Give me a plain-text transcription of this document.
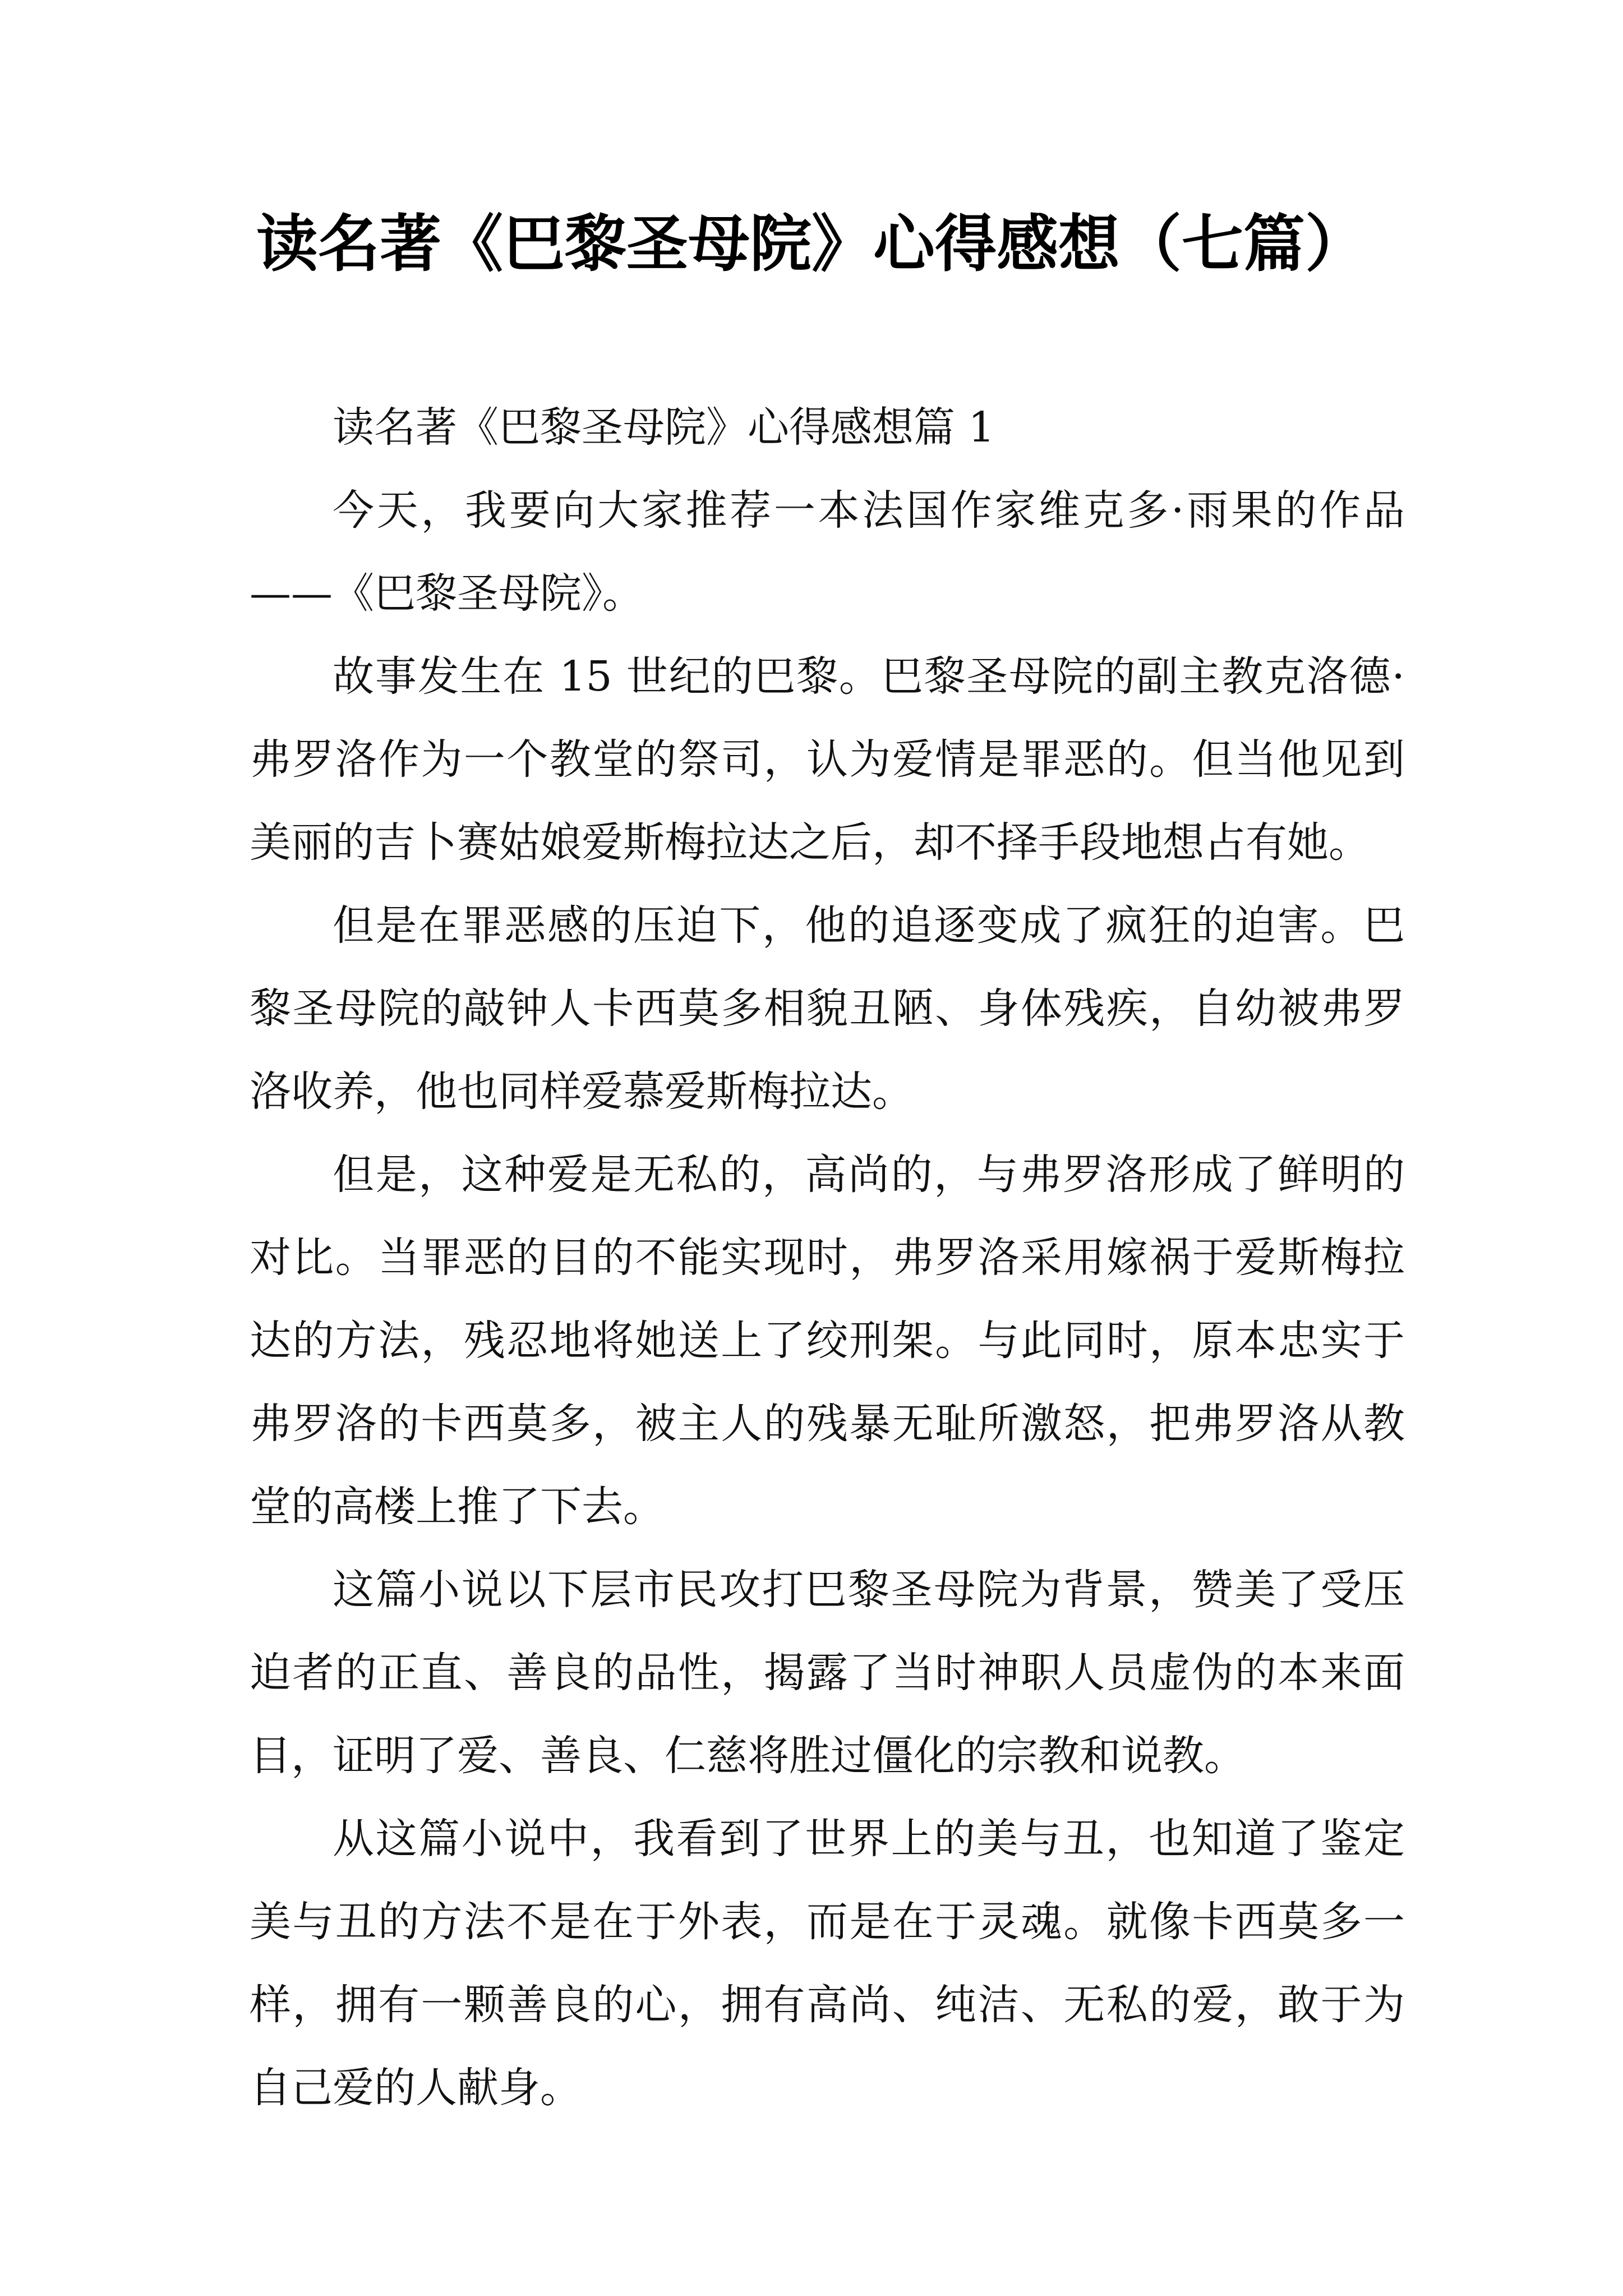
读名著《巴黎圣母院》心得感想（七篇）

读名著《巴黎圣母院》心得感想篇 1

今天，我要向大家推荐一本法国作家维克多·雨果的作品——《巴黎圣母院》。

故事发生在 15 世纪的巴黎。巴黎圣母院的副主教克洛德·弗罗洛作为一个教堂的祭司，认为爱情是罪恶的。但当他见到美丽的吉卜赛姑娘爱斯梅拉达之后，却不择手段地想占有她。

但是在罪恶感的压迫下，他的追逐变成了疯狂的迫害。巴黎圣母院的敲钟人卡西莫多相貌丑陋、身体残疾，自幼被弗罗洛收养，他也同样爱慕爱斯梅拉达。

但是，这种爱是无私的，高尚的，与弗罗洛形成了鲜明的对比。当罪恶的目的不能实现时，弗罗洛采用嫁祸于爱斯梅拉达的方法，残忍地将她送上了绞刑架。与此同时，原本忠实于弗罗洛的卡西莫多，被主人的残暴无耻所激怒，把弗罗洛从教堂的高楼上推了下去。

这篇小说以下层市民攻打巴黎圣母院为背景，赞美了受压迫者的正直、善良的品性，揭露了当时神职人员虚伪的本来面目，证明了爱、善良、仁慈将胜过僵化的宗教和说教。

从这篇小说中，我看到了世界上的美与丑，也知道了鉴定美与丑的方法不是在于外表，而是在于灵魂。就像卡西莫多一样，拥有一颗善良的心，拥有高尚、纯洁、无私的爱，敢于为自己爱的人献身。
